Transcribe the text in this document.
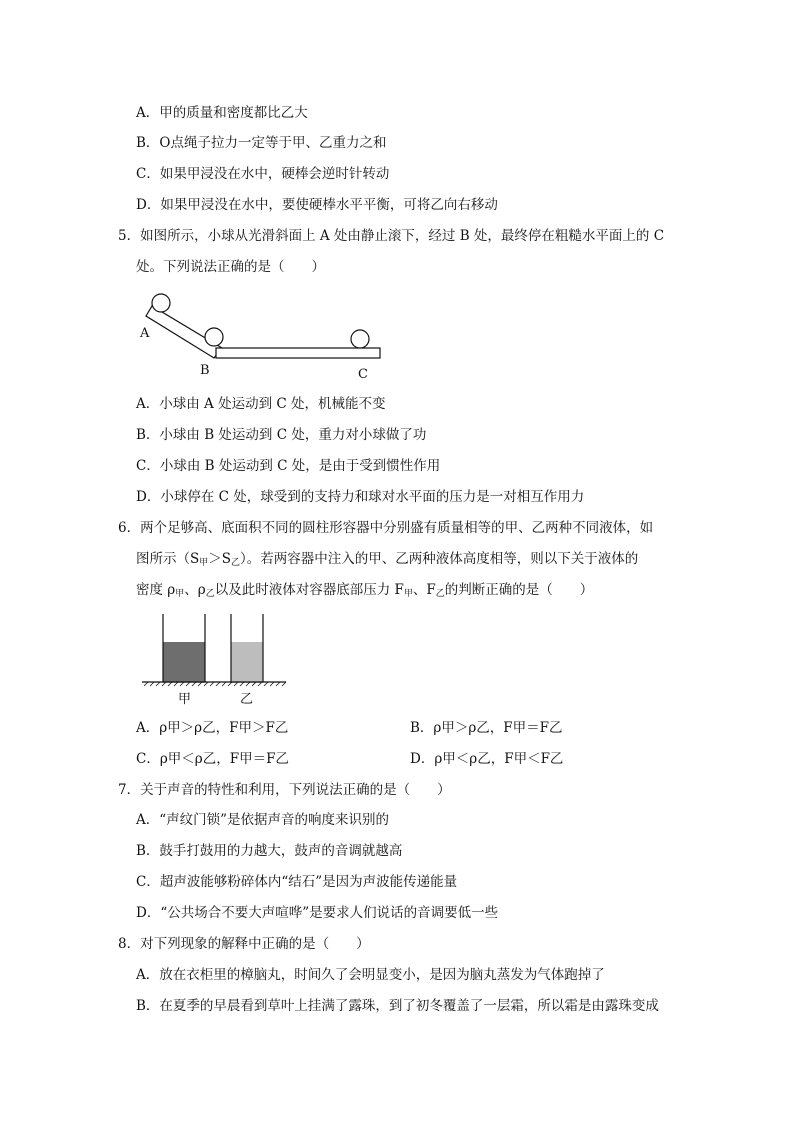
A．甲的质量和密度都比乙大
B．O点绳子拉力一定等于甲、乙重力之和
C．如果甲浸没在水中，硬棒会逆时针转动
D．如果甲浸没在水中，要使硬棒水平平衡，可将乙向右移动
5．如图所示，小球从光滑斜面上 A 处由静止滚下，经过 B 处，最终停在粗糙水平面上的 C
处。下列说法正确的是（　　）
A
B	C
A．小球由 A 处运动到 C 处，机械能不变
B．小球由 B 处运动到 C 处，重力对小球做了功
C．小球由 B 处运动到 C 处，是由于受到惯性作用
D．小球停在 C 处，球受到的支持力和球对水平面的压力是一对相互作用力
6．两个足够高、底面积不同的圆柱形容器中分别盛有质量相等的甲、乙两种不同液体，如
图所示$(S_甲>S_乙)$。若两容器中注入的甲、乙两种液体高度相等，则以下关于液体的
密度 $\rho_甲$、$\rho_乙$以及此时液体对容器底部压力 $F_甲$、$F_乙$的判断正确的是（　　）
甲	乙
A．ρ甲＞ρ乙，F甲＞F乙	B．ρ甲＞ρ乙，F甲＝F乙
C．ρ甲＜ρ乙，F甲＝F乙	D．ρ甲＜ρ乙，F甲＜F乙
7．关于声音的特性和利用，下列说法正确的是（　　）
A．“声纹门锁”是依据声音的响度来识别的
B．鼓手打鼓用的力越大，鼓声的音调就越高
C．超声波能够粉碎体内“结石”是因为声波能传递能量
D．“公共场合不要大声喧哗”是要求人们说话的音调要低一些
8．对下列现象的解释中正确的是（　　）
A．放在衣柜里的樟脑丸，时间久了会明显变小，是因为脑丸蒸发为气体跑掉了
B．在夏季的早晨看到草叶上挂满了露珠，到了初冬覆盖了一层霜，所以霜是由露珠变成
